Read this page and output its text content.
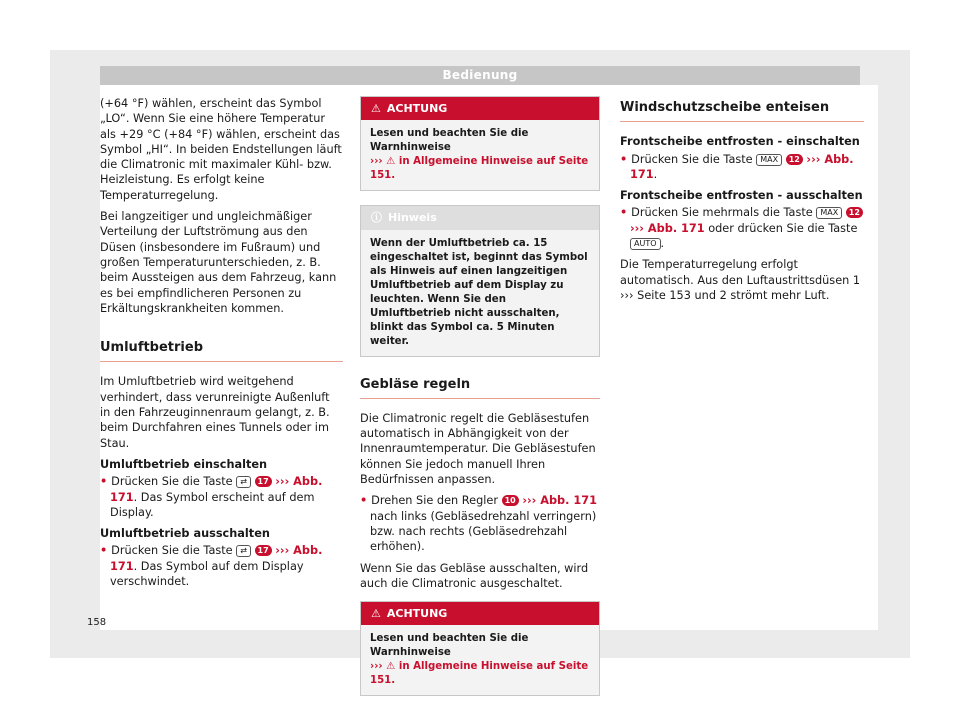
Bedienung

(+64 °F) wählen, erscheint das Symbol „LO“. Wenn Sie eine höhere Temperatur als +29 °C (+84 °F) wählen, erscheint das Symbol „HI“. In beiden Endstellungen läuft die Climatronic mit maximaler Kühl- bzw. Heizleistung. Es erfolgt keine Temperaturregelung.

Bei langzeitiger und ungleichmäßiger Verteilung der Luftströmung aus den Düsen (insbesondere im Fußraum) und großen Temperaturunterschieden, z. B. beim Aussteigen aus dem Fahrzeug, kann es bei empfindlicheren Personen zu Erkältungskrankheiten kommen.

Umluftbetrieb

Im Umluftbetrieb wird weitgehend verhindert, dass verunreinigte Außenluft in den Fahrzeuginnenraum gelangt, z. B. beim Durchfahren eines Tunnels oder im Stau.

Umluftbetrieb einschalten
• Drücken Sie die Taste ⇄ 17 ››› Abb. 171. Das Symbol erscheint auf dem Display.
Umluftbetrieb ausschalten
• Drücken Sie die Taste ⇄ 17 ››› Abb. 171. Das Symbol auf dem Display verschwindet.
⚠ ACHTUNG
Lesen und beachten Sie die Warnhinweise
››› ⚠ in Allgemeine Hinweise auf Seite 151.
ⓘ Hinweis
Wenn der Umluftbetrieb ca. 15 eingeschaltet ist, beginnt das Symbol als Hinweis auf einen langzeitigen Umluftbetrieb auf dem Display zu leuchten. Wenn Sie den Umluftbetrieb nicht ausschalten, blinkt das Symbol ca. 5 Minuten weiter.
Gebläse regeln

Die Climatronic regelt die Gebläsestufen automatisch in Abhängigkeit von der Innenraumtemperatur. Die Gebläsestufen können Sie jedoch manuell Ihren Bedürfnissen anpassen.

• Drehen Sie den Regler 10 ››› Abb. 171 nach links (Gebläsedrehzahl verringern) bzw. nach rechts (Gebläsedrehzahl erhöhen).

Wenn Sie das Gebläse ausschalten, wird auch die Climatronic ausgeschaltet.

⚠ ACHTUNG
Lesen und beachten Sie die Warnhinweise
››› ⚠ in Allgemeine Hinweise auf Seite 151.
Windschutzscheibe enteisen
Frontscheibe entfrosten - einschalten
• Drücken Sie die Taste MAX 12 ››› Abb. 171.
Frontscheibe entfrosten - ausschalten
• Drücken Sie mehrmals die Taste MAX 12 ››› Abb. 171 oder drücken Sie die Taste AUTO .

Die Temperaturregelung erfolgt automatisch. Aus den Luftaustrittsdüsen 1 ››› Seite 153 und 2 strömt mehr Luft.

158
